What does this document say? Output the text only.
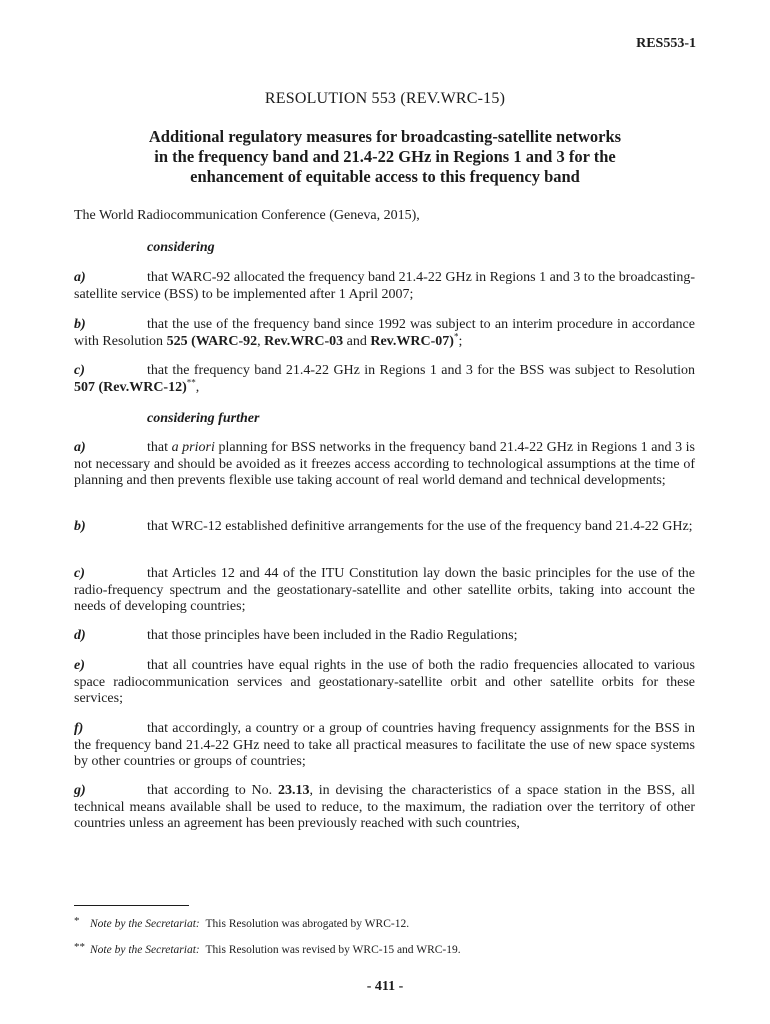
RES553-1
RESOLUTION 553 (REV.WRC-15)
Additional regulatory measures for broadcasting-satellite networks
in the frequency band and 21.4-22 GHz in Regions 1 and 3 for the
enhancement of equitable access to this frequency band
The World Radiocommunication Conference (Geneva, 2015),
considering
a)	that WARC-92 allocated the frequency band 21.4-22 GHz in Regions 1 and 3 to the broadcasting-satellite service (BSS) to be implemented after 1 April 2007;
b)	that the use of the frequency band since 1992 was subject to an interim procedure in accordance with Resolution 525 (WARC-92, Rev.WRC-03 and Rev.WRC-07)*;
c)	that the frequency band 21.4-22 GHz in Regions 1 and 3 for the BSS was subject to Resolution 507 (Rev.WRC-12)**,
considering further
a)	that a priori planning for BSS networks in the frequency band 21.4-22 GHz in Regions 1 and 3 is not necessary and should be avoided as it freezes access according to technological assumptions at the time of planning and then prevents flexible use taking account of real world demand and technical developments;
b)	that WRC-12 established definitive arrangements for the use of the frequency band 21.4-22 GHz;
c)	that Articles 12 and 44 of the ITU Constitution lay down the basic principles for the use of the radio-frequency spectrum and the geostationary-satellite and other satellite orbits, taking into account the needs of developing countries;
d)	that those principles have been included in the Radio Regulations;
e)	that all countries have equal rights in the use of both the radio frequencies allocated to various space radiocommunication services and geostationary-satellite orbit and other satellite orbits for these services;
f)	that accordingly, a country or a group of countries having frequency assignments for the BSS in the frequency band 21.4-22 GHz need to take all practical measures to facilitate the use of new space systems by other countries or groups of countries;
g)	that according to No. 23.13, in devising the characteristics of a space station in the BSS, all technical means available shall be used to reduce, to the maximum, the radiation over the territory of other countries unless an agreement has been previously reached with such countries,
* Note by the Secretariat: This Resolution was abrogated by WRC-12.
** Note by the Secretariat: This Resolution was revised by WRC-15 and WRC-19.
- 411 -
